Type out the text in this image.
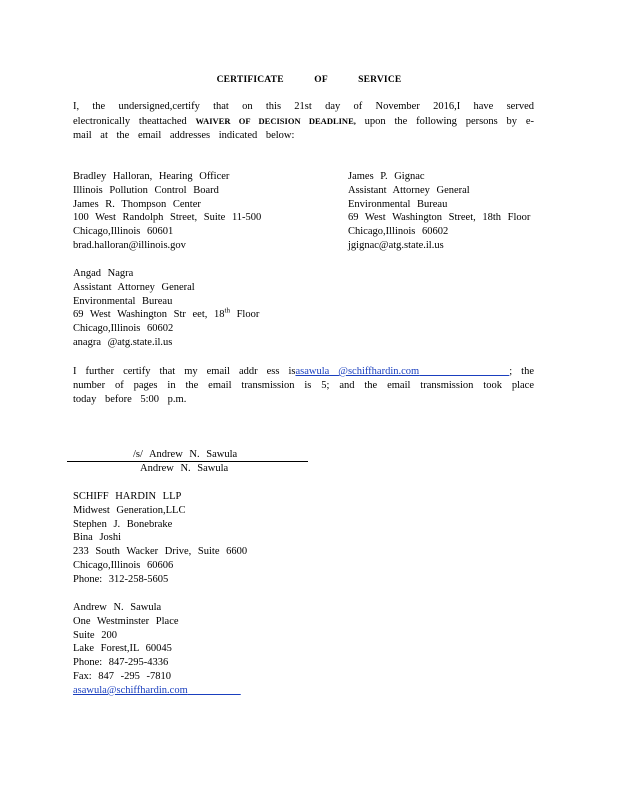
CERTIFICATE OF SERVICE
I, the undersigned,certify that on this 21st day of November 2016,I have served electronically theattached WAIVER OF DECISION DEADLINE, upon the following persons by e-mail at the email addresses indicated below:
Bradley Halloran, Hearing Officer
Illinois Pollution Control Board
James R. Thompson Center
100 West Randolph Street, Suite 11-500
Chicago,Illinois 60601
brad.halloran@illinois.gov
James P. Gignac
Assistant Attorney General
Environmental Bureau
69 West Washington Street, 18th Floor
Chicago,Illinois 60602
jgignac@atg.state.il.us
Angad Nagra
Assistant Attorney General
Environmental Bureau
69 West Washington Str eet, 18th Floor
Chicago,Illinois 60602
anagra @atg.state.il.us
I further certify that my email addr ess isasawula @schiffhardin.com	; the number of pages in the email transmission is 5; and the email transmission took place today before 5:00 p.m.
/s/ Andrew N. Sawula
Andrew N. Sawula
SCHIFF HARDIN LLP
Midwest Generation,LLC
Stephen J. Bonebrake
Bina Joshi
233 South Wacker Drive, Suite 6600
Chicago,Illinois 60606
Phone: 312-258-5605
Andrew N. Sawula
One Westminster Place
Suite 200
Lake Forest,IL 60045
Phone: 847-295-4336
Fax: 847 -295 -7810
asawula@schiffhardin.com
